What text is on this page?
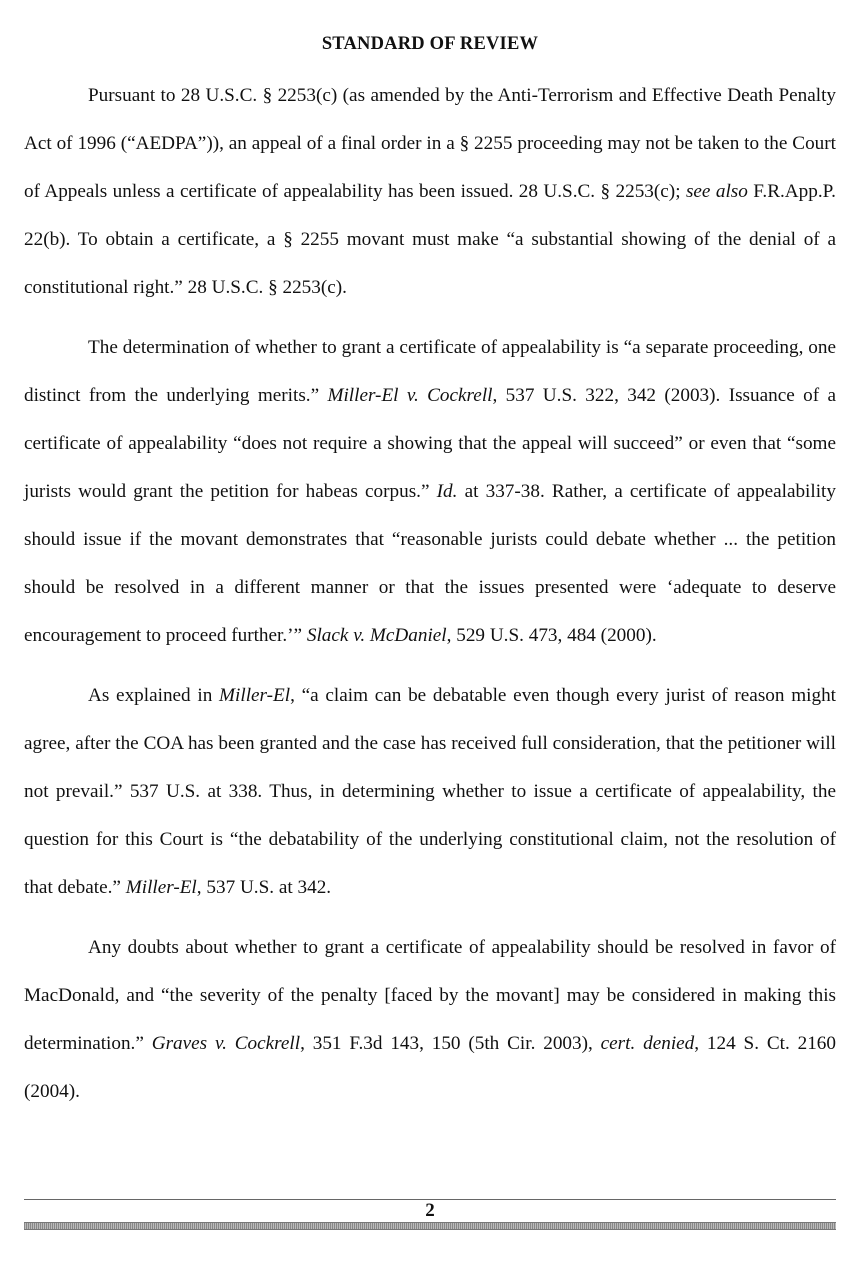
STANDARD OF REVIEW

Pursuant to 28 U.S.C. § 2253(c) (as amended by the Anti-Terrorism and Effective Death Penalty Act of 1996 (“AEDPA”)), an appeal of a final order in a § 2255 proceeding may not be taken to the Court of Appeals unless a certificate of appealability has been issued. 28 U.S.C. § 2253(c); see also F.R.App.P. 22(b). To obtain a certificate, a § 2255 movant must make “a substantial showing of the denial of a constitutional right.” 28 U.S.C. § 2253(c).

The determination of whether to grant a certificate of appealability is “a separate proceeding, one distinct from the underlying merits.” Miller-El v. Cockrell, 537 U.S. 322, 342 (2003). Issuance of a certificate of appealability “does not require a showing that the appeal will succeed” or even that “some jurists would grant the petition for habeas corpus.” Id. at 337-38. Rather, a certificate of appealability should issue if the movant demonstrates that “reasonable jurists could debate whether ... the petition should be resolved in a different manner or that the issues presented were ‘adequate to deserve encouragement to proceed further.’” Slack v. McDaniel, 529 U.S. 473, 484 (2000).

As explained in Miller-El, “a claim can be debatable even though every jurist of reason might agree, after the COA has been granted and the case has received full consideration, that the petitioner will not prevail.” 537 U.S. at 338. Thus, in determining whether to issue a certificate of appealability, the question for this Court is “the debatability of the underlying constitutional claim, not the resolution of that debate.” Miller-El, 537 U.S. at 342.

Any doubts about whether to grant a certificate of appealability should be resolved in favor of MacDonald, and “the severity of the penalty [faced by the movant] may be considered in making this determination.” Graves v. Cockrell, 351 F.3d 143, 150 (5th Cir. 2003), cert. denied, 124 S. Ct. 2160 (2004).

2
